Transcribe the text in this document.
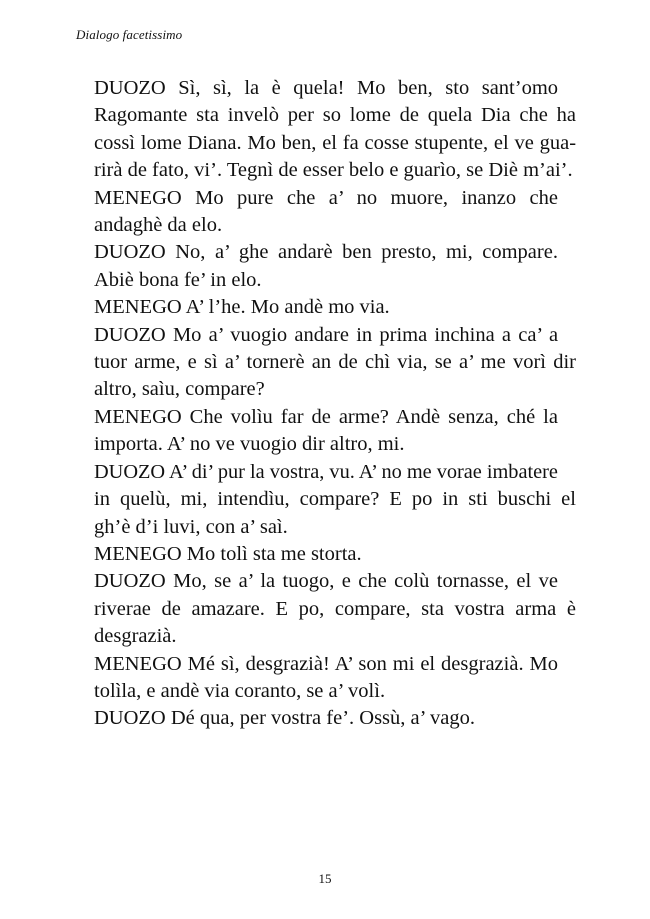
Dialogo facetissimo

DUOZO Sì, sì, la è quela! Mo ben, sto sant’omo
Ragomante sta invelò per so lome de quela Dia che ha
cossì lome Diana. Mo ben, el fa cosse stupente, el ve gua-
rirà de fato, vi’. Tegnì de esser belo e guarìo, se Diè m’ai’.

MENEGO Mo pure che a’ no muore, inanzo che
andaghè da elo.

DUOZO No, a’ ghe andarè ben presto, mi, compare.
Abiè bona fe’ in elo.

MENEGO A’ l’he. Mo andè mo via.

DUOZO Mo a’ vuogio andare in prima inchina a ca’ a
tuor arme, e sì a’ tornerè an de chì via, se a’ me vorì dir
altro, saìu, compare?

MENEGO Che volìu far de arme? Andè senza, ché la
importa. A’ no ve vuogio dir altro, mi.

DUOZO A’ di’ pur la vostra, vu. A’ no me vorae imbatere
in quelù, mi, intendìu, compare? E po in sti buschi el
gh’è d’i luvi, con a’ saì.

MENEGO Mo tolì sta me storta.

DUOZO Mo, se a’ la tuogo, e che colù tornasse, el ve
riverae de amazare. E po, compare, sta vostra arma è
desgrazià.

MENEGO Mé sì, desgrazià! A’ son mi el desgrazià. Mo
tolìla, e andè via coranto, se a’ volì.

DUOZO Dé qua, per vostra fe’. Ossù, a’ vago.

15
